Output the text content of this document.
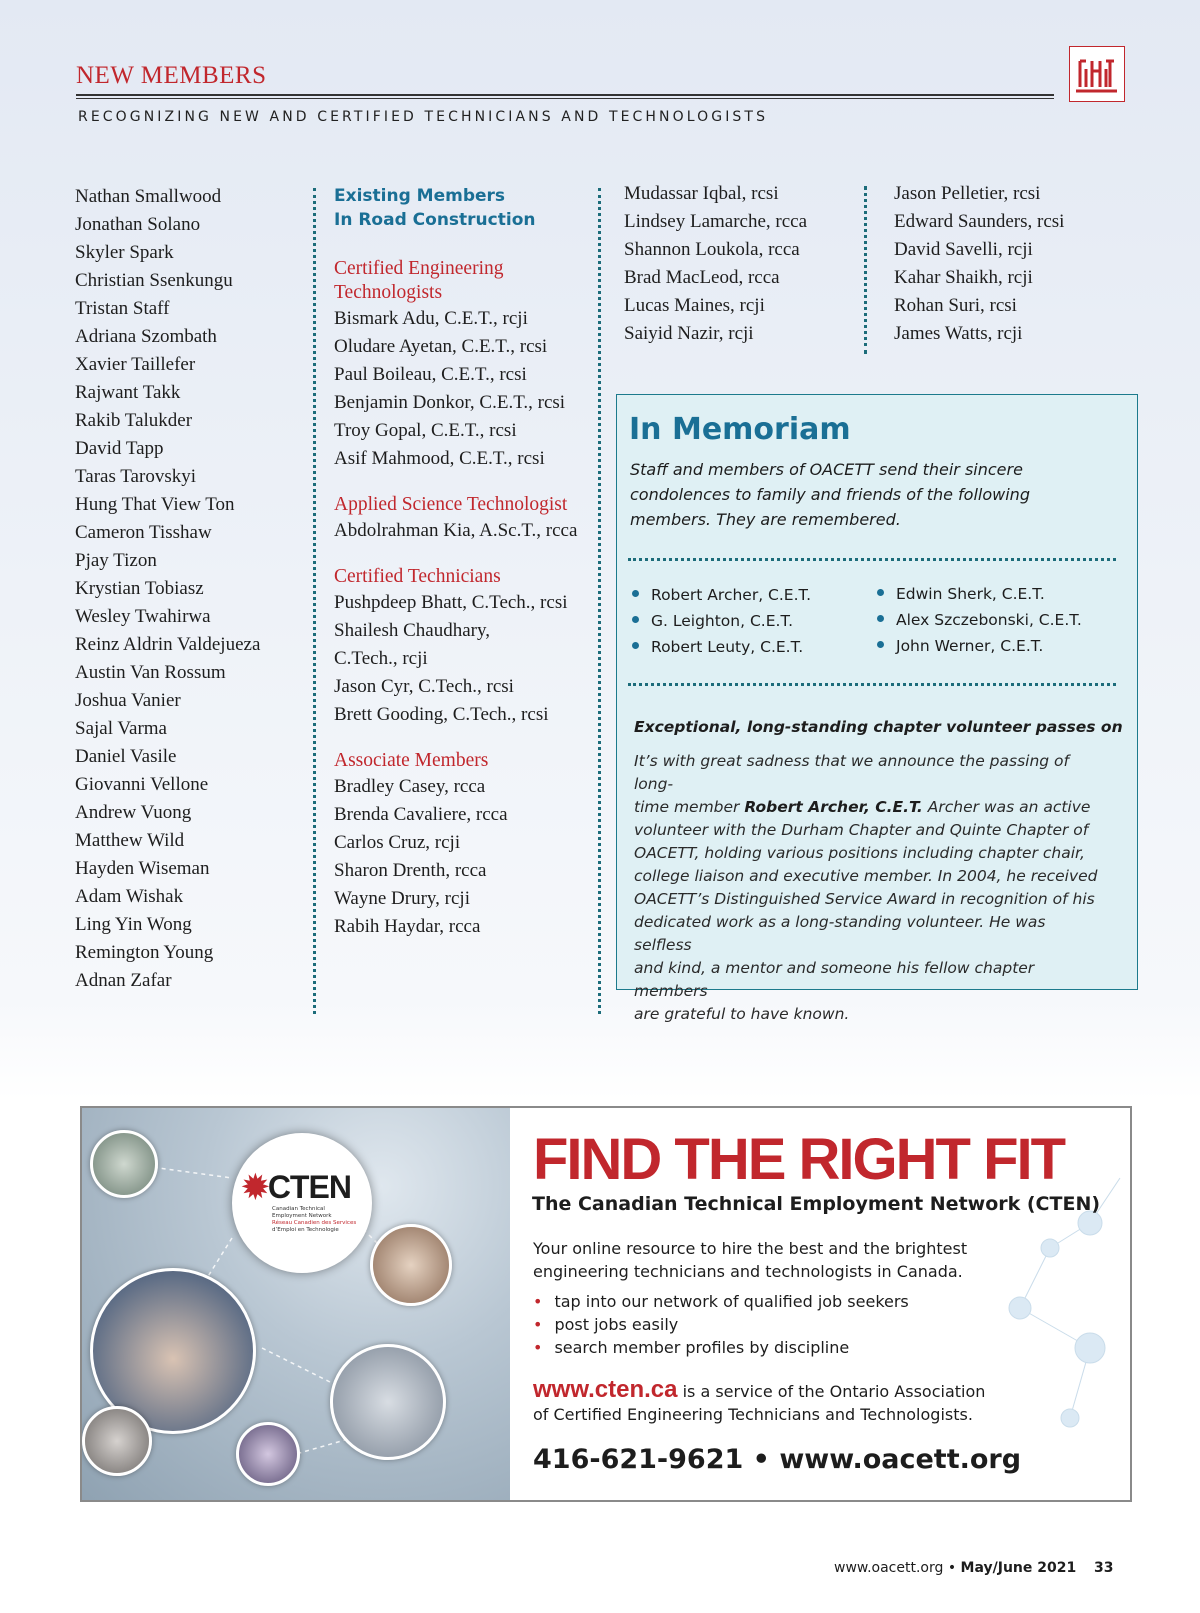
NEW MEMBERS
RECOGNIZING NEW AND CERTIFIED TECHNICIANS AND TECHNOLOGISTS
Nathan Smallwood
Jonathan Solano
Skyler Spark
Christian Ssenkungu
Tristan Staff
Adriana Szombath
Xavier Taillefer
Rajwant Takk
Rakib Talukder
David Tapp
Taras Tarovskyi
Hung That View Ton
Cameron Tisshaw
Pjay Tizon
Krystian Tobiasz
Wesley Twahirwa
Reinz Aldrin Valdejueza
Austin Van Rossum
Joshua Vanier
Sajal Varma
Daniel Vasile
Giovanni Vellone
Andrew Vuong
Matthew Wild
Hayden Wiseman
Adam Wishak
Ling Yin Wong
Remington Young
Adnan Zafar
Existing Members
In Road Construction
Certified Engineering
Technologists
Bismark Adu, C.E.T., rcji
Oludare Ayetan, C.E.T., rcsi
Paul Boileau, C.E.T., rcsi
Benjamin Donkor, C.E.T., rcsi
Troy Gopal, C.E.T., rcsi
Asif Mahmood, C.E.T., rcsi
Applied Science Technologist
Abdolrahman Kia, A.Sc.T., rcca
Certified Technicians
Pushpdeep Bhatt, C.Tech., rcsi
Shailesh Chaudhary,
C.Tech., rcji
Jason Cyr, C.Tech., rcsi
Brett Gooding, C.Tech., rcsi
Associate Members
Bradley Casey, rcca
Brenda Cavaliere, rcca
Carlos Cruz, rcji
Sharon Drenth, rcca
Wayne Drury, rcji
Rabih Haydar, rcca
Mudassar Iqbal, rcsi
Lindsey Lamarche, rcca
Shannon Loukola, rcca
Brad MacLeod, rcca
Lucas Maines, rcji
Saiyid Nazir, rcji
Jason Pelletier, rcsi
Edward Saunders, rcsi
David Savelli, rcji
Kahar Shaikh, rcji
Rohan Suri, rcsi
James Watts, rcji
In Memoriam
Staff and members of OACETT send their sincere
condolences to family and friends of the following
members. They are remembered.
Robert Archer, C.E.T.
G. Leighton, C.E.T.
Robert Leuty, C.E.T.
Edwin Sherk, C.E.T.
Alex Szczebonski, C.E.T.
John Werner, C.E.T.
Exceptional, long-standing chapter volunteer passes on
It’s with great sadness that we announce the passing of long-
time member Robert Archer, C.E.T. Archer was an active
volunteer with the Durham Chapter and Quinte Chapter of
OACETT, holding various positions including chapter chair,
college liaison and executive member. In 2004, he received
OACETT’s Distinguished Service Award in recognition of his
dedicated work as a long-standing volunteer. He was selfless
and kind, a mentor and someone his fellow chapter members
are grateful to have known.
✹CTEN
Canadian Technical
Employment Network
Réseau Canadien des Services
d’Emploi en Technologie
FIND THE RIGHT FIT
The Canadian Technical Employment Network (CTEN)
Your online resource to hire the best and the brightest
engineering technicians and technologists in Canada.
• tap into our network of qualified job seekers
• post jobs easily
• search member profiles by discipline
www.cten.ca is a service of the Ontario Association
of Certified Engineering Technicians and Technologists.
416-621-9621 • www.oacett.org
www.oacett.org • May/June 2021 33
